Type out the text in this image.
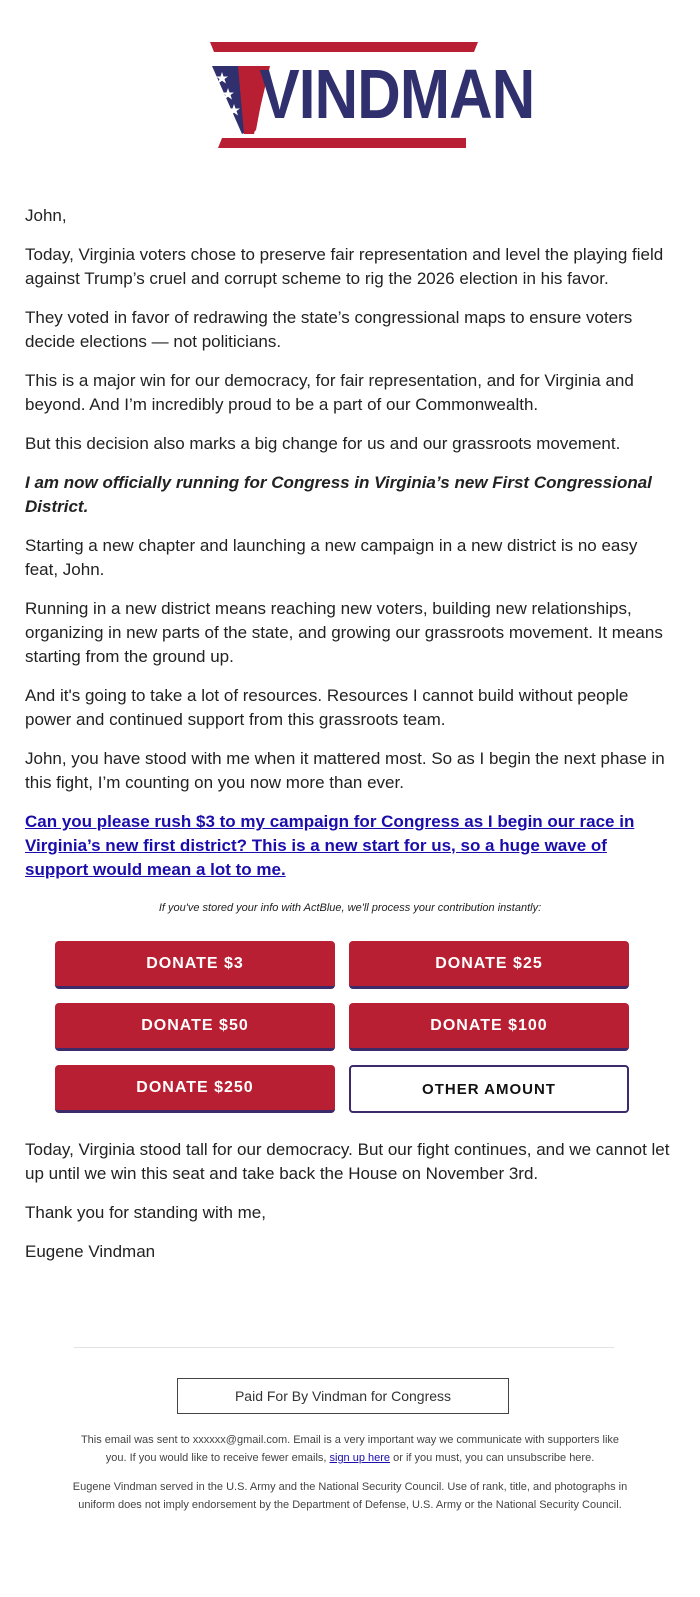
VINDMAN

John,

Today, Virginia voters chose to preserve fair representation and level the playing field against Trump’s cruel and corrupt scheme to rig the 2026 election in his favor.

They voted in favor of redrawing the state’s congressional maps to ensure voters decide elections — not politicians.

This is a major win for our democracy, for fair representation, and for Virginia and beyond. And I’m incredibly proud to be a part of our Commonwealth.

But this decision also marks a big change for us and our grassroots movement.

I am now officially running for Congress in Virginia’s new First Congressional District.

Starting a new chapter and launching a new campaign in a new district is no easy feat, John.

Running in a new district means reaching new voters, building new relationships, organizing in new parts of the state, and growing our grassroots movement. It means starting from the ground up.

And it's going to take a lot of resources. Resources I cannot build without people power and continued support from this grassroots team.

John, you have stood with me when it mattered most. So as I begin the next phase in this fight, I’m counting on you now more than ever.

Can you please rush $3 to my campaign for Congress as I begin our race in Virginia’s new first district? This is a new start for us, so a huge wave of support would mean a lot to me.

If you've stored your info with ActBlue, we'll process your contribution instantly:
DONATE $3	DONATE $25
DONATE $50	DONATE $100
DONATE $250	OTHER AMOUNT

Today, Virginia stood tall for our democracy. But our fight continues, and we cannot let up until we win this seat and take back the House on November 3rd.

Thank you for standing with me,

Eugene Vindman

Paid For By Vindman for Congress

This email was sent to xxxxxx@gmail.com. Email is a very important way we communicate with supporters like you. If you would like to receive fewer emails, sign up here or if you must, you can unsubscribe here.

Eugene Vindman served in the U.S. Army and the National Security Council. Use of rank, title, and photographs in uniform does not imply endorsement by the Department of Defense, U.S. Army or the National Security Council.
